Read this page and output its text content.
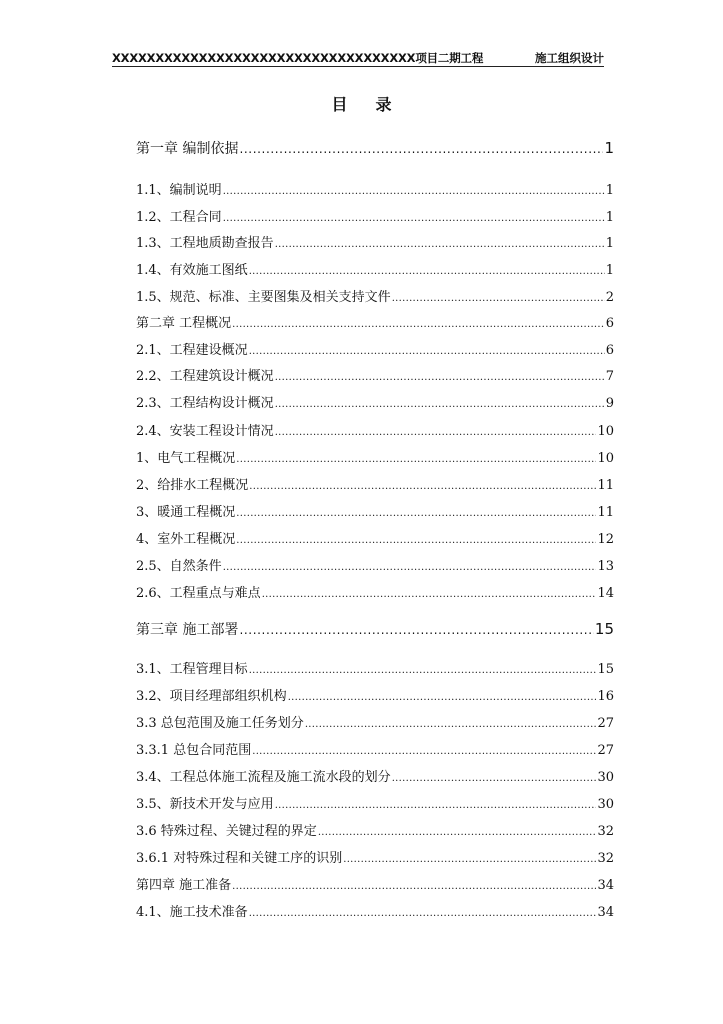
XXXXXXXXXXXXXXXXXXXXXXXXXXXXXXXXXXX项目二期工程	施工组织设计
目录
第一章 编制依据 .....	1
1.1、编制说明 .....	1
1.2、工程合同 .....	1
1.3、工程地质勘查报告 .....	1
1.4、有效施工图纸 .....	1
1.5、规范、标准、主要图集及相关支持文件 .....	2
第二章 工程概况 .....	6
2.1、工程建设概况 .....	6
2.2、工程建筑设计概况 .....	7
2.3、工程结构设计概况 .....	9
2.4、安装工程设计情况 .....	10
1、电气工程概况 .....	10
2、给排水工程概况 .....	11
3、暖通工程概况 .....	11
4、室外工程概况 .....	12
2.5、自然条件 .....	13
2.6、工程重点与难点 .....	14
第三章 施工部署 .....	15
3.1、工程管理目标 .....	15
3.2、项目经理部组织机构 .....	16
3.3 总包范围及施工任务划分 .....	27
3.3.1 总包合同范围 .....	27
3.4、工程总体施工流程及施工流水段的划分 .....	30
3.5、新技术开发与应用 .....	30
3.6 特殊过程、关键过程的界定 .....	32
3.6.1 对特殊过程和关键工序的识别 .....	32
第四章 施工准备 .....	34
4.1、施工技术准备 .....	34
